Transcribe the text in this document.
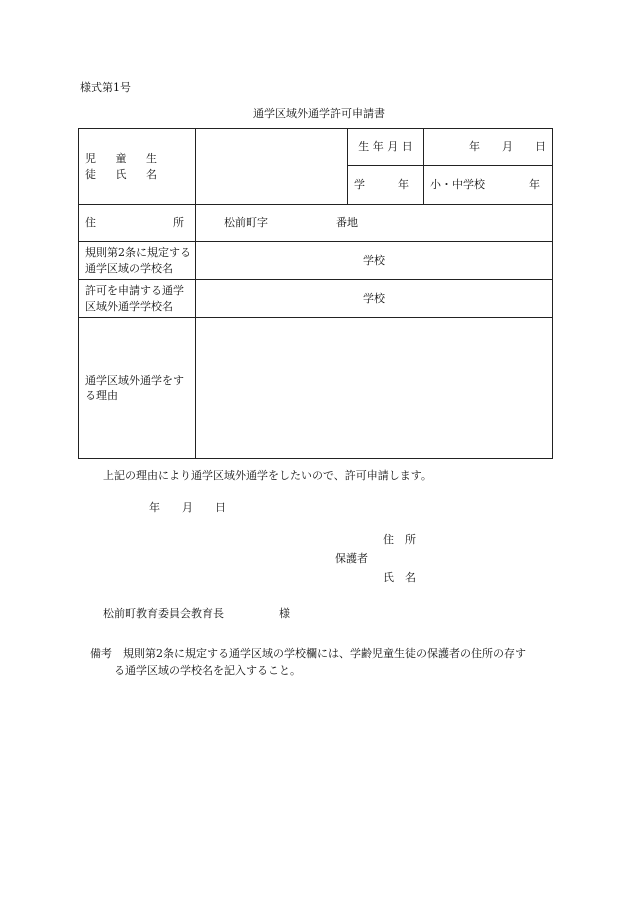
様式第1号
通学区域外通学許可申請書
児 童 生 徒 氏 名		生 年 月 日	年　　月　　日
		学　　　年	小・中学校　　　　年
住　　　　　　　所	松前町字 番地		
規則第2条に規定する通学区域の学校名	学校		
許可を申請する通学区域外通学学校名	学校		
通学区域外通学をする理由			
上記の理由により通学区域外通学をしたいので、許可申請します。
年　　月　　日
住　所
保護者
氏　名
松前町教育委員会教育長　　　　　様
備考　 規則第2条に規定する通学区域の学校欄には、学齢児童生徒の保護者の住所の存す
る通学区域の学校名を記入すること。
